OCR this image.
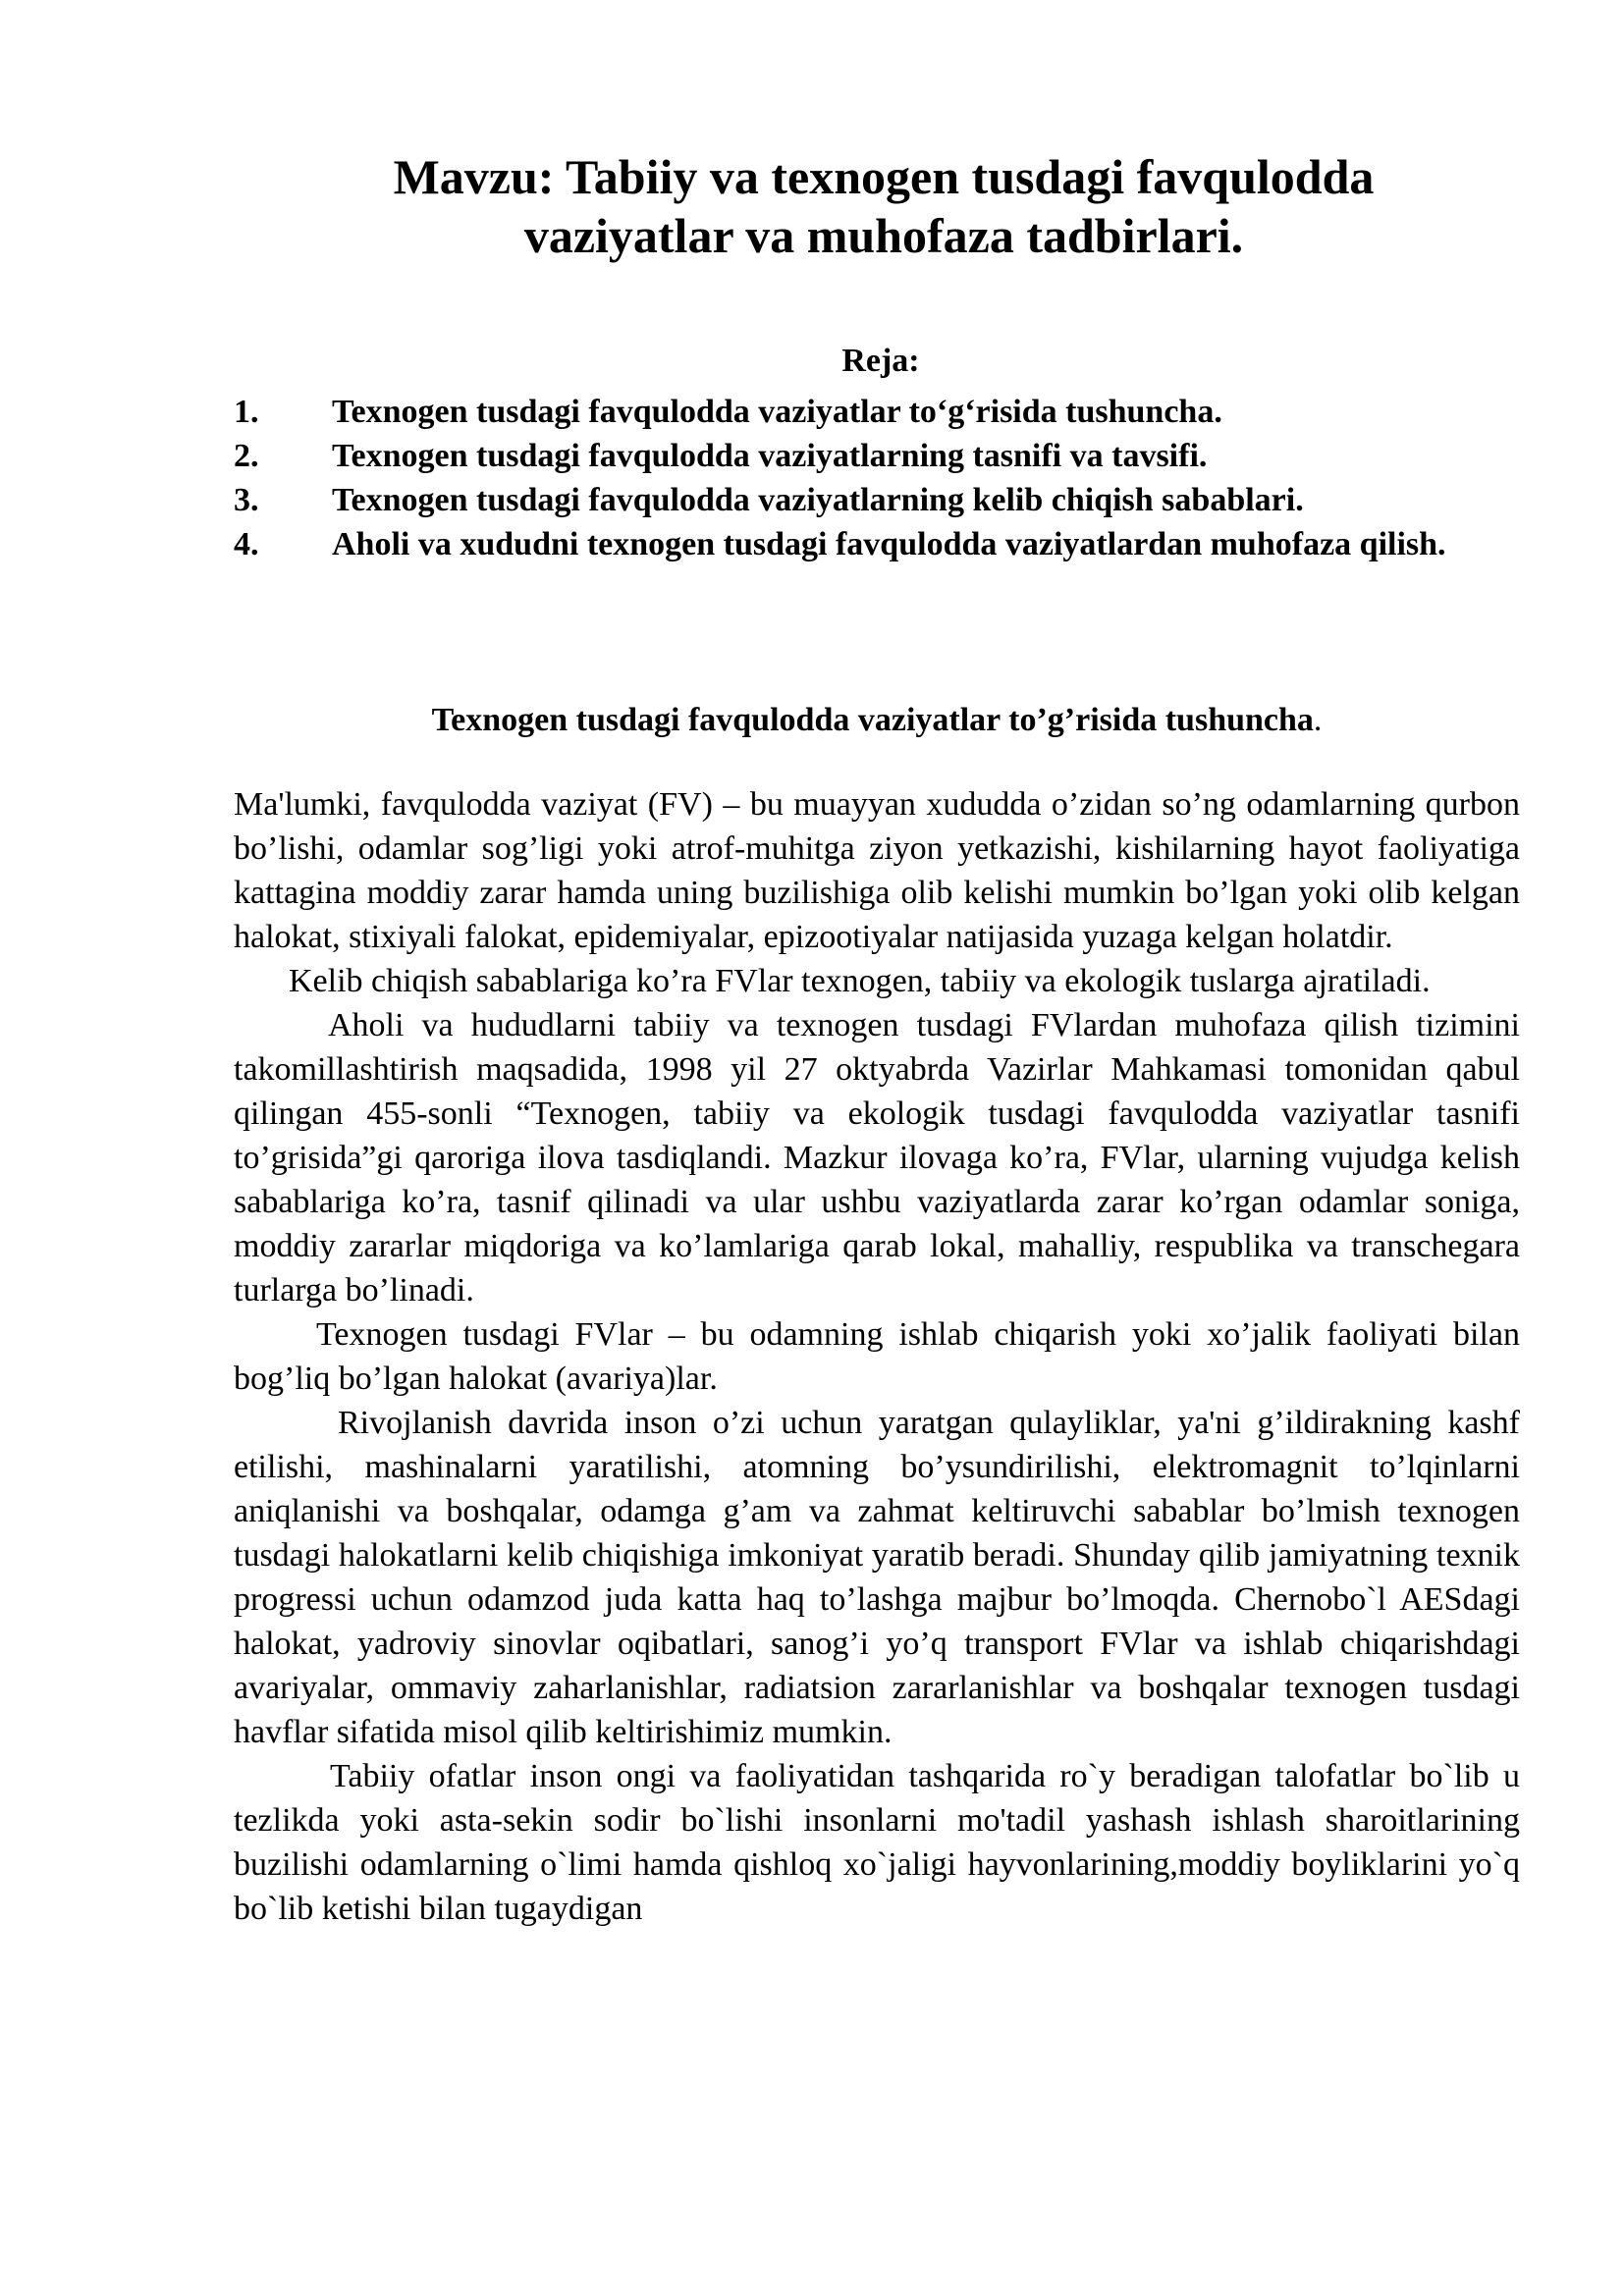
Mavzu: Tabiiy va texnogen tusdagi favqulodda
vaziyatlar va muhofaza tadbirlari.
Reja:
1. Texnogen tusdagi favqulodda vaziyatlar to‘g‘risida tushuncha.
2. Texnogen tusdagi favqulodda vaziyatlarning tasnifi va tavsifi.
3. Texnogen tusdagi favqulodda vaziyatlarning kelib chiqish sabablari.
4. Aholi va xududni texnogen tusdagi favqulodda vaziyatlardan muhofaza qilish.
Texnogen tusdagi favqulodda vaziyatlar to’g’risida tushuncha.

Ma'lumki, favqulodda vaziyat (FV) – bu muayyan xududda o’zidan so’ng odamlarning qurbon bo’lishi, odamlar sog’ligi yoki atrof-muhitga ziyon yetkazishi, kishilarning hayot faoliyatiga kattagina moddiy zarar hamda uning buzilishiga olib kelishi mumkin bo’lgan yoki olib kelgan halokat, stixiyali falokat, epidemiyalar, epizootiyalar natijasida yuzaga kelgan holatdir.

Kelib chiqish sabablariga ko’ra FVlar texnogen, tabiiy va ekologik tuslarga ajratiladi.

Aholi va hududlarni tabiiy va texnogen tusdagi FVlardan muhofaza qilish tizimini takomillashtirish maqsadida, 1998 yil 27 oktyabrda Vazirlar Mahkamasi tomonidan qabul qilingan 455-sonli “Texnogen, tabiiy va ekologik tusdagi favqulodda vaziyatlar tasnifi to’grisida”gi qaroriga ilova tasdiqlandi. Mazkur ilovaga ko’ra, FVlar, ularning vujudga kelish sabablariga ko’ra, tasnif qilinadi va ular ushbu vaziyatlarda zarar ko’rgan odamlar soniga, moddiy zararlar miqdoriga va ko’lamlariga qarab lokal, mahalliy, respublika va transchegara turlarga bo’linadi.

Texnogen tusdagi FVlar – bu odamning ishlab chiqarish yoki xo’jalik faoliyati bilan bog’liq bo’lgan halokat (avariya)lar.

Rivojlanish davrida inson o’zi uchun yaratgan qulayliklar, ya'ni g’ildirakning kashf etilishi, mashinalarni yaratilishi, atomning bo’ysundirilishi, elektromagnit to’lqinlarni aniqlanishi va boshqalar, odamga g’am va zahmat keltiruvchi sabablar bo’lmish texnogen tusdagi halokatlarni kelib chiqishiga imkoniyat yaratib beradi. Shunday qilib jamiyatning texnik progressi uchun odamzod juda katta haq to’lashga majbur bo’lmoqda. Chernobo`l AESdagi halokat, yadroviy sinovlar oqibatlari, sanog’i yo’q transport FVlar va ishlab chiqarishdagi avariyalar, ommaviy zaharlanishlar, radiatsion zararlanishlar va boshqalar texnogen tusdagi havflar sifatida misol qilib keltirishimiz mumkin.

Tabiiy ofatlar inson ongi va faoliyatidan tashqarida ro`y beradigan talofatlar bo`lib u tezlikda yoki asta-sekin sodir bo`lishi insonlarni mo'tadil yashash ishlash sharoitlarining buzilishi odamlarning o`limi hamda qishloq xo`jaligi hayvonlarining,moddiy boyliklarini yo`q bo`lib ketishi bilan tugaydigan
